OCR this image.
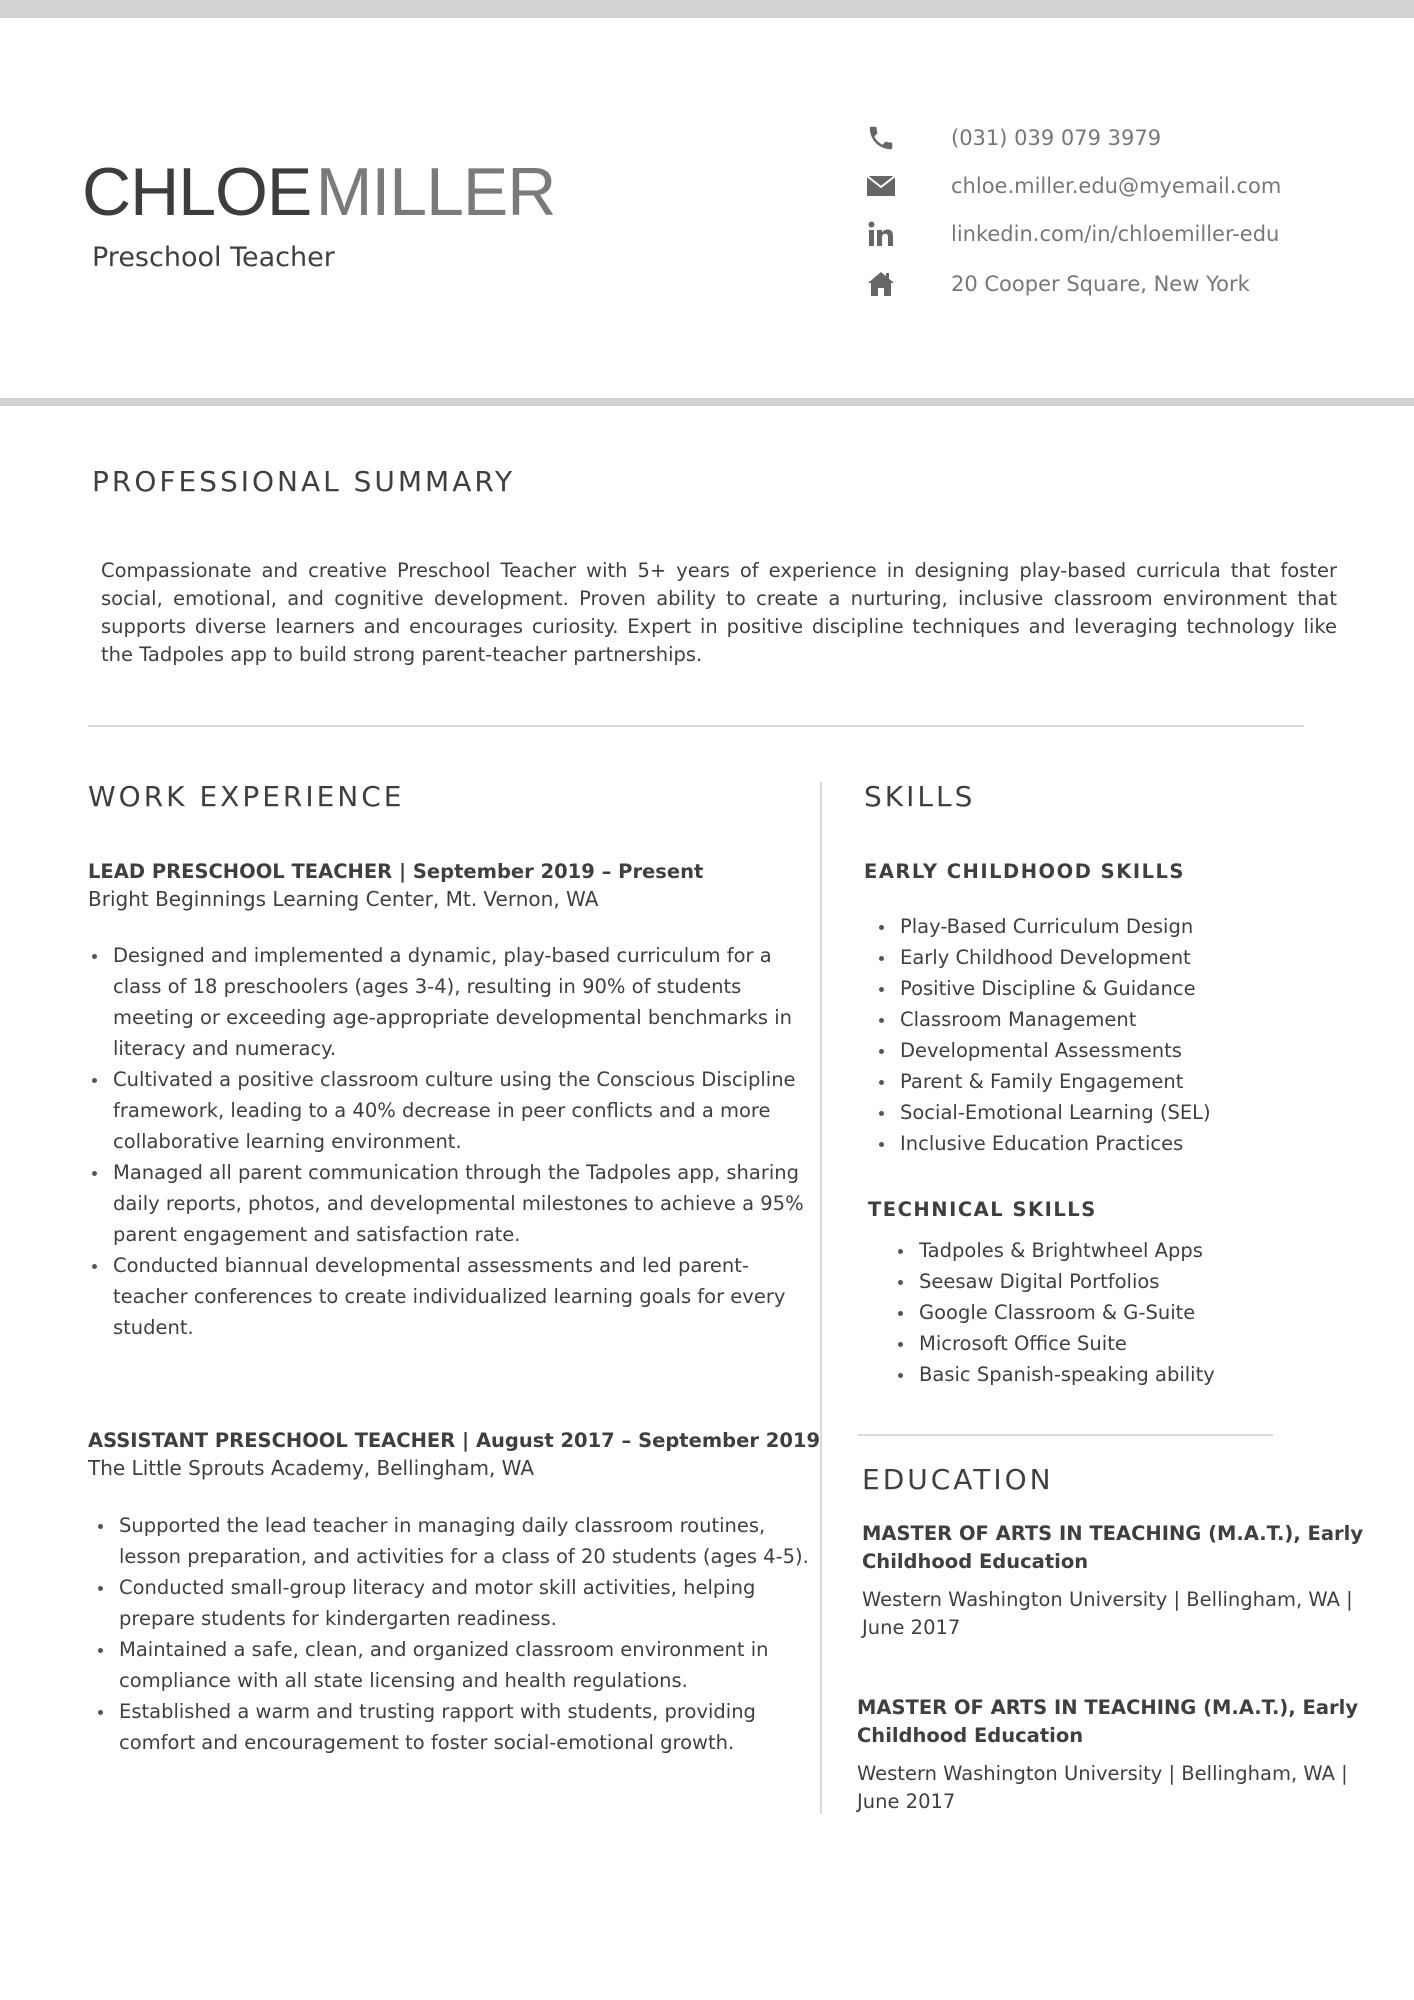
CHLOE MILLER
Preschool Teacher
(031) 039 079 3979
chloe.miller.edu@myemail.com
linkedin.com/in/chloemiller-edu
20 Cooper Square, New York
PROFESSIONAL SUMMARY
Compassionate and creative Preschool Teacher with 5+ years of experience in designing play-based curricula that foster social, emotional, and cognitive development. Proven ability to create a nurturing, inclusive classroom environment that supports diverse learners and encourages curiosity. Expert in positive discipline techniques and leveraging technology like the Tadpoles app to build strong parent-teacher partnerships.
WORK EXPERIENCE
LEAD PRESCHOOL TEACHER | September 2019 – Present
Bright Beginnings Learning Center, Mt. Vernon, WA
Designed and implemented a dynamic, play-based curriculum for a class of 18 preschoolers (ages 3-4), resulting in 90% of students meeting or exceeding age-appropriate developmental benchmarks in literacy and numeracy.
Cultivated a positive classroom culture using the Conscious Discipline framework, leading to a 40% decrease in peer conflicts and a more collaborative learning environment.
Managed all parent communication through the Tadpoles app, sharing daily reports, photos, and developmental milestones to achieve a 95% parent engagement and satisfaction rate.
Conducted biannual developmental assessments and led parent-teacher conferences to create individualized learning goals for every student.
ASSISTANT PRESCHOOL TEACHER | August 2017 – September 2019
The Little Sprouts Academy, Bellingham, WA
Supported the lead teacher in managing daily classroom routines, lesson preparation, and activities for a class of 20 students (ages 4-5).
Conducted small-group literacy and motor skill activities, helping prepare students for kindergarten readiness.
Maintained a safe, clean, and organized classroom environment in compliance with all state licensing and health regulations.
Established a warm and trusting rapport with students, providing comfort and encouragement to foster social-emotional growth.
SKILLS
EARLY CHILDHOOD SKILLS
Play-Based Curriculum Design
Early Childhood Development
Positive Discipline & Guidance
Classroom Management
Developmental Assessments
Parent & Family Engagement
Social-Emotional Learning (SEL)
Inclusive Education Practices
TECHNICAL SKILLS
Tadpoles & Brightwheel Apps
Seesaw Digital Portfolios
Google Classroom & G-Suite
Microsoft Office Suite
Basic Spanish-speaking ability
EDUCATION
MASTER OF ARTS IN TEACHING (M.A.T.), Early Childhood Education
Western Washington University | Bellingham, WA | June 2017
MASTER OF ARTS IN TEACHING (M.A.T.), Early Childhood Education
Western Washington University | Bellingham, WA | June 2017
